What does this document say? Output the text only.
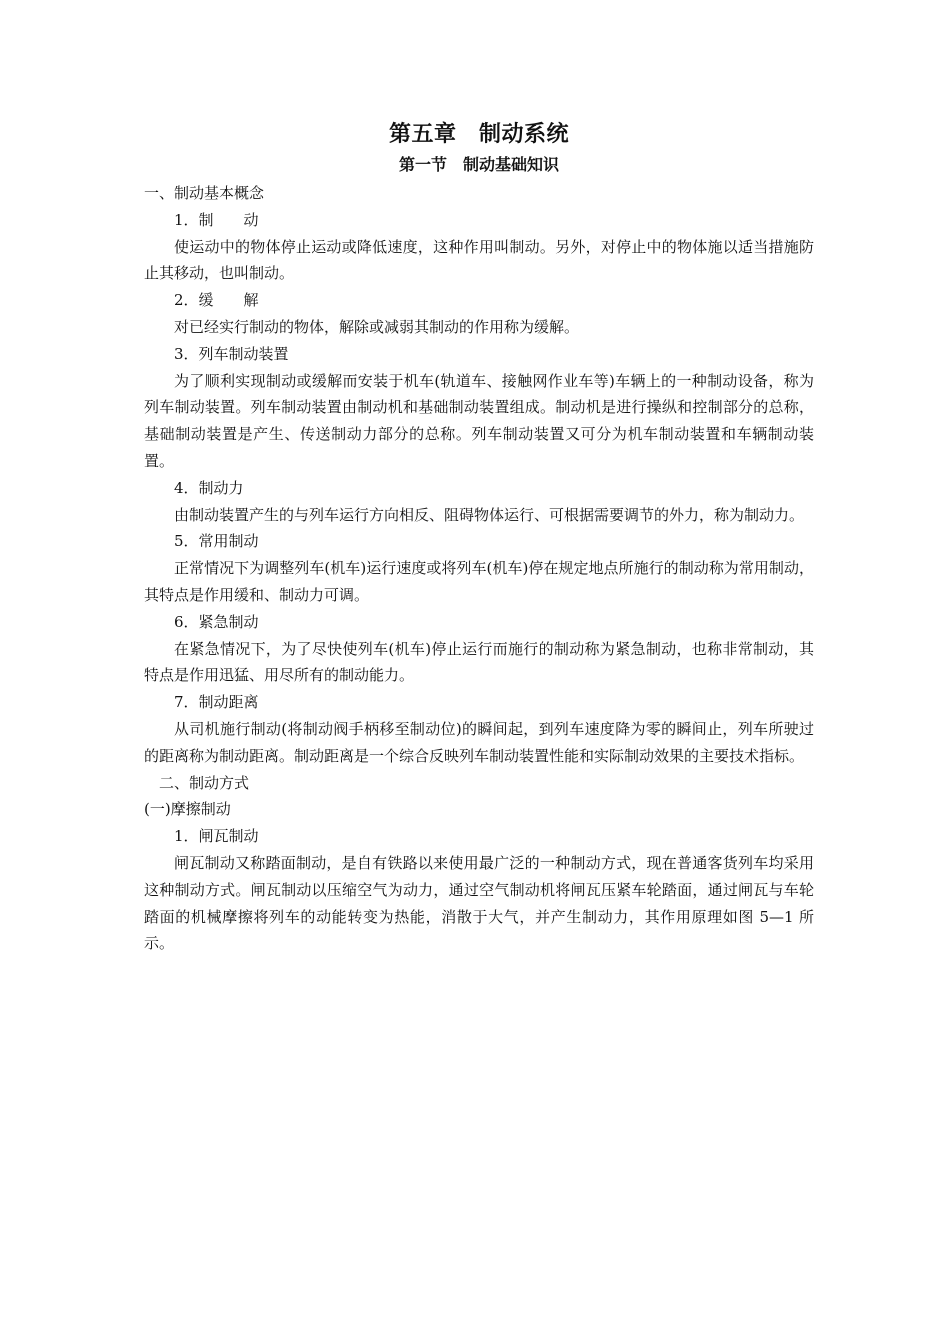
第五章　制动系统
第一节　制动基础知识

一、制动基本概念

1．制　　动

使运动中的物体停止运动或降低速度，这种作用叫制动。另外，对停止中的物体施以适当措施防止其移动，也叫制动。

2．缓　　解

对已经实行制动的物体，解除或减弱其制动的作用称为缓解。

3．列车制动装置

为了顺利实现制动或缓解而安装于机车(轨道车、接触网作业车等)车辆上的一种制动设备，称为列车制动装置。列车制动装置由制动机和基础制动装置组成。制动机是进行操纵和控制部分的总称，基础制动装置是产生、传送制动力部分的总称。列车制动装置又可分为机车制动装置和车辆制动装置。

4．制动力

由制动装置产生的与列车运行方向相反、阻碍物体运行、可根据需要调节的外力，称为制动力。

5．常用制动

正常情况下为调整列车(机车)运行速度或将列车(机车)停在规定地点所施行的制动称为常用制动，其特点是作用缓和、制动力可调。

6．紧急制动

在紧急情况下，为了尽快使列车(机车)停止运行而施行的制动称为紧急制动，也称非常制动，其特点是作用迅猛、用尽所有的制动能力。

7．制动距离

从司机施行制动(将制动阀手柄移至制动位)的瞬间起，到列车速度降为零的瞬间止，列车所驶过的距离称为制动距离。制动距离是一个综合反映列车制动装置性能和实际制动效果的主要技术指标。

二、制动方式

(一)摩擦制动

1．闸瓦制动

闸瓦制动又称踏面制动，是自有铁路以来使用最广泛的一种制动方式，现在普通客货列车均采用这种制动方式。闸瓦制动以压缩空气为动力，通过空气制动机将闸瓦压紧车轮踏面，通过闸瓦与车轮踏面的机械摩擦将列车的动能转变为热能，消散于大气，并产生制动力，其作用原理如图 5—1 所示。
